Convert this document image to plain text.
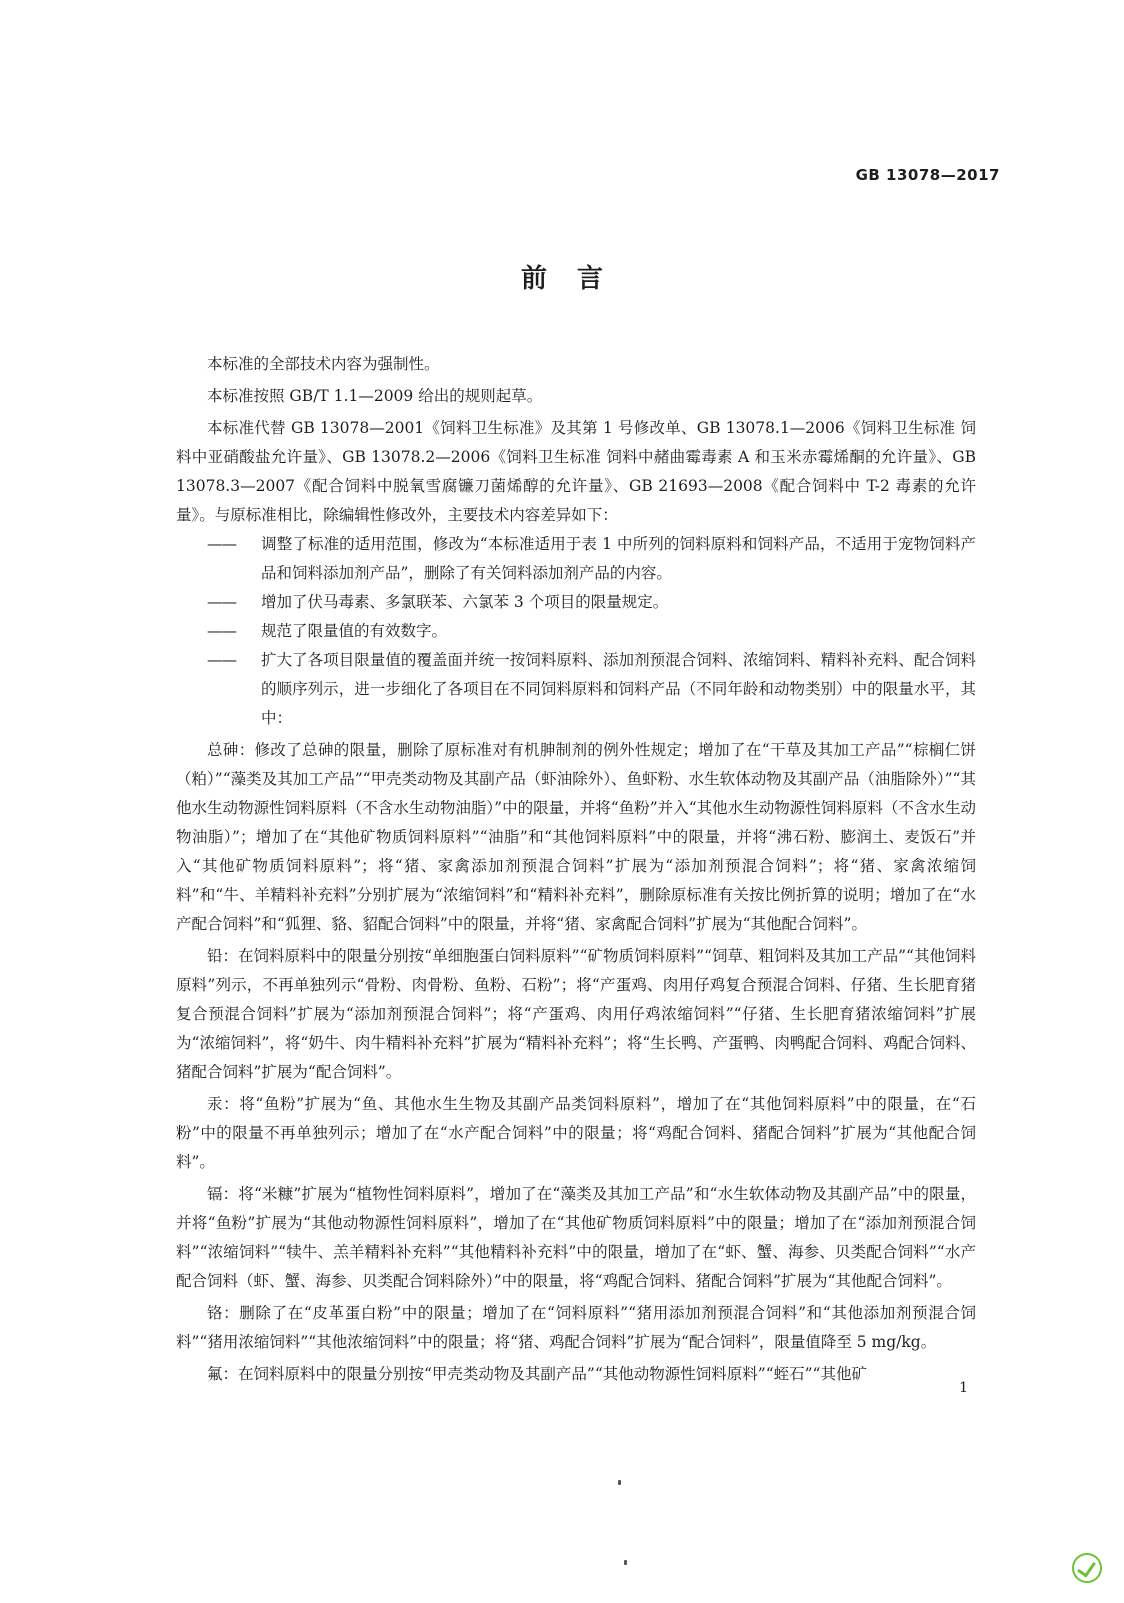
GB 13078—2017
前言

本标准的全部技术内容为强制性。

本标准按照 GB/T 1.1—2009 给出的规则起草。

本标准代替 GB 13078—2001《饲料卫生标准》及其第 1 号修改单、GB 13078.1—2006《饲料卫生标准 饲料中亚硝酸盐允许量》、GB 13078.2—2006《饲料卫生标准 饲料中赭曲霉毒素 A 和玉米赤霉烯酮的允许量》、GB 13078.3—2007《配合饲料中脱氧雪腐镰刀菌烯醇的允许量》、GB 21693—2008《配合饲料中 T-2 毒素的允许量》。与原标准相比，除编辑性修改外，主要技术内容差异如下：

—— 调整了标准的适用范围，修改为“本标准适用于表 1 中所列的饲料原料和饲料产品，不适用于宠物饲料产品和饲料添加剂产品”，删除了有关饲料添加剂产品的内容。

—— 增加了伏马毒素、多氯联苯、六氯苯 3 个项目的限量规定。

—— 规范了限量值的有效数字。

—— 扩大了各项目限量值的覆盖面并统一按饲料原料、添加剂预混合饲料、浓缩饲料、精料补充料、配合饲料的顺序列示，进一步细化了各项目在不同饲料原料和饲料产品（不同年龄和动物类别）中的限量水平，其中：

总砷：修改了总砷的限量，删除了原标准对有机胂制剂的例外性规定；增加了在“干草及其加工产品”“棕榈仁饼（粕）”“藻类及其加工产品”“甲壳类动物及其副产品（虾油除外）、鱼虾粉、水生软体动物及其副产品（油脂除外）”“其他水生动物源性饲料原料（不含水生动物油脂）”中的限量，并将“鱼粉”并入“其他水生动物源性饲料原料（不含水生动物油脂）”；增加了在“其他矿物质饲料原料”“油脂”和“其他饲料原料”中的限量，并将“沸石粉、膨润土、麦饭石”并入“其他矿物质饲料原料”；将“猪、家禽添加剂预混合饲料”扩展为“添加剂预混合饲料”；将“猪、家禽浓缩饲料”和“牛、羊精料补充料”分别扩展为“浓缩饲料”和“精料补充料”，删除原标准有关按比例折算的说明；增加了在“水产配合饲料”和“狐狸、貉、貂配合饲料”中的限量，并将“猪、家禽配合饲料”扩展为“其他配合饲料”。

铅：在饲料原料中的限量分别按“单细胞蛋白饲料原料”“矿物质饲料原料”“饲草、粗饲料及其加工产品”“其他饲料原料”列示，不再单独列示“骨粉、肉骨粉、鱼粉、石粉”；将“产蛋鸡、肉用仔鸡复合预混合饲料、仔猪、生长肥育猪复合预混合饲料”扩展为“添加剂预混合饲料”；将“产蛋鸡、肉用仔鸡浓缩饲料”“仔猪、生长肥育猪浓缩饲料”扩展为“浓缩饲料”，将“奶牛、肉牛精料补充料”扩展为“精料补充料”；将“生长鸭、产蛋鸭、肉鸭配合饲料、鸡配合饲料、猪配合饲料”扩展为“配合饲料”。

汞：将“鱼粉”扩展为“鱼、其他水生生物及其副产品类饲料原料”，增加了在“其他饲料原料”中的限量，在“石粉”中的限量不再单独列示；增加了在“水产配合饲料”中的限量；将“鸡配合饲料、猪配合饲料”扩展为“其他配合饲料”。

镉：将“米糠”扩展为“植物性饲料原料”，增加了在“藻类及其加工产品”和“水生软体动物及其副产品”中的限量，并将“鱼粉”扩展为“其他动物源性饲料原料”，增加了在“其他矿物质饲料原料”中的限量；增加了在“添加剂预混合饲料”“浓缩饲料”“犊牛、羔羊精料补充料”“其他精料补充料”中的限量，增加了在“虾、蟹、海参、贝类配合饲料”“水产配合饲料（虾、蟹、海参、贝类配合饲料除外）”中的限量，将“鸡配合饲料、猪配合饲料”扩展为“其他配合饲料”。

铬：删除了在“皮革蛋白粉”中的限量；增加了在“饲料原料”“猪用添加剂预混合饲料”和“其他添加剂预混合饲料”“猪用浓缩饲料”“其他浓缩饲料”中的限量；将“猪、鸡配合饲料”扩展为“配合饲料”，限量值降至 5 mg/kg。

氟：在饲料原料中的限量分别按“甲壳类动物及其副产品”“其他动物源性饲料原料”“蛭石”“其他矿

1
